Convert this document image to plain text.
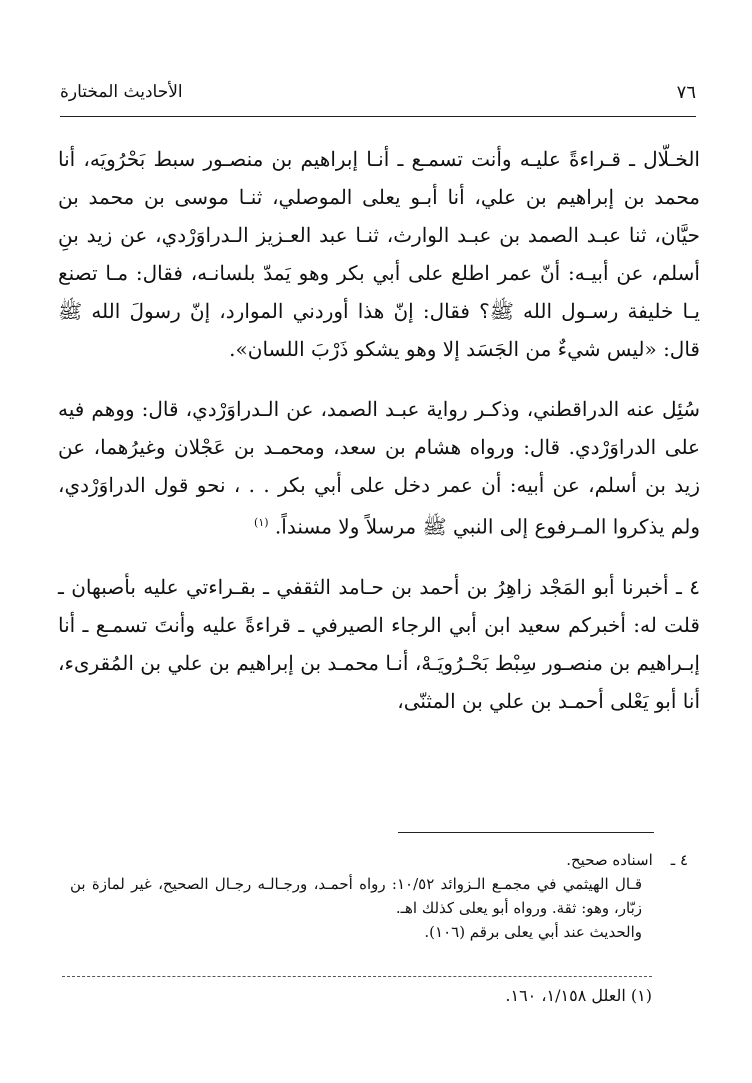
٧٦
الأحاديث المختارة

الخـلّال ـ قـراءةً عليـه وأنت تسمـع ـ أنـا إبراهيم بن منصـور سبط بَحْرُويَه، أنا محمد بن إبراهيم بن علي، أنا أبـو يعلى الموصلي، ثنـا موسى بن محمد بن حيَّان، ثنا عبـد الصمد بن عبـد الوارث، ثنـا عبد العـزيز الـدراوَرْدي، عن زيد بنِ أسلم، عن أبيـه: أنّ عمر اطلع على أبي بكر وهو يَمدّ بلسانـه، فقال: مـا تصنع يـا خليفة رسـول الله ﷺ؟ فقال: إنّ هذا أوردني الموارد، إنّ رسولَ الله ﷺ قال: «ليس شيءٌ من الجَسَد إلا وهو يشكو ذَرْبَ اللسان».

سُئِل عنه الدراقطني، وذكـر رواية عبـد الصمد، عن الـدراوَرْدي، قال: ووهم فيه على الدراوَرْدي. قال: ورواه هشام بن سعد، ومحمـد بن عَجْلان وغيرُهما، عن زيد بن أسلم، عن أبيه: أن عمر دخل على أبي بكر . . ، نحو قول الدراوَرْدي، ولم يذكروا المـرفوع إلى النبي ﷺ مرسلاً ولا مسنداً. $^{(١)}$

٤ ـ أخبرنا أبو المَجْد زاهِرُ بن أحمد بن حـامد الثقفي ـ بقـراءتي عليه بأصبهان ـ قلت له: أخبركم سعيد ابن أبي الرجاء الصيرفي ـ قراءةً عليه وأنتَ تسمـع ـ أنا إبـراهيم بن منصـور سِبْط بَحْـرُويَـهْ، أنـا محمـد بن إبراهيم بن علي بن المُقرىء، أنا أبو يَعْلى أحمـد بن علي بن المثنّى،

٤ ـ
اسناده صحيح.

قـال الهيثمي في مجمـع الـزوائد ١٠/٥٢: رواه أحمـد، ورجـالـه رجـال الصحيح، غير لمازة بن زبّار، وهو: ثقة. ورواه أبو يعلى كذلك اهـ.

والحديث عند أبي يعلى برقم (١٠٦).

(١) العلل ١/١٥٨، ١٦٠.
